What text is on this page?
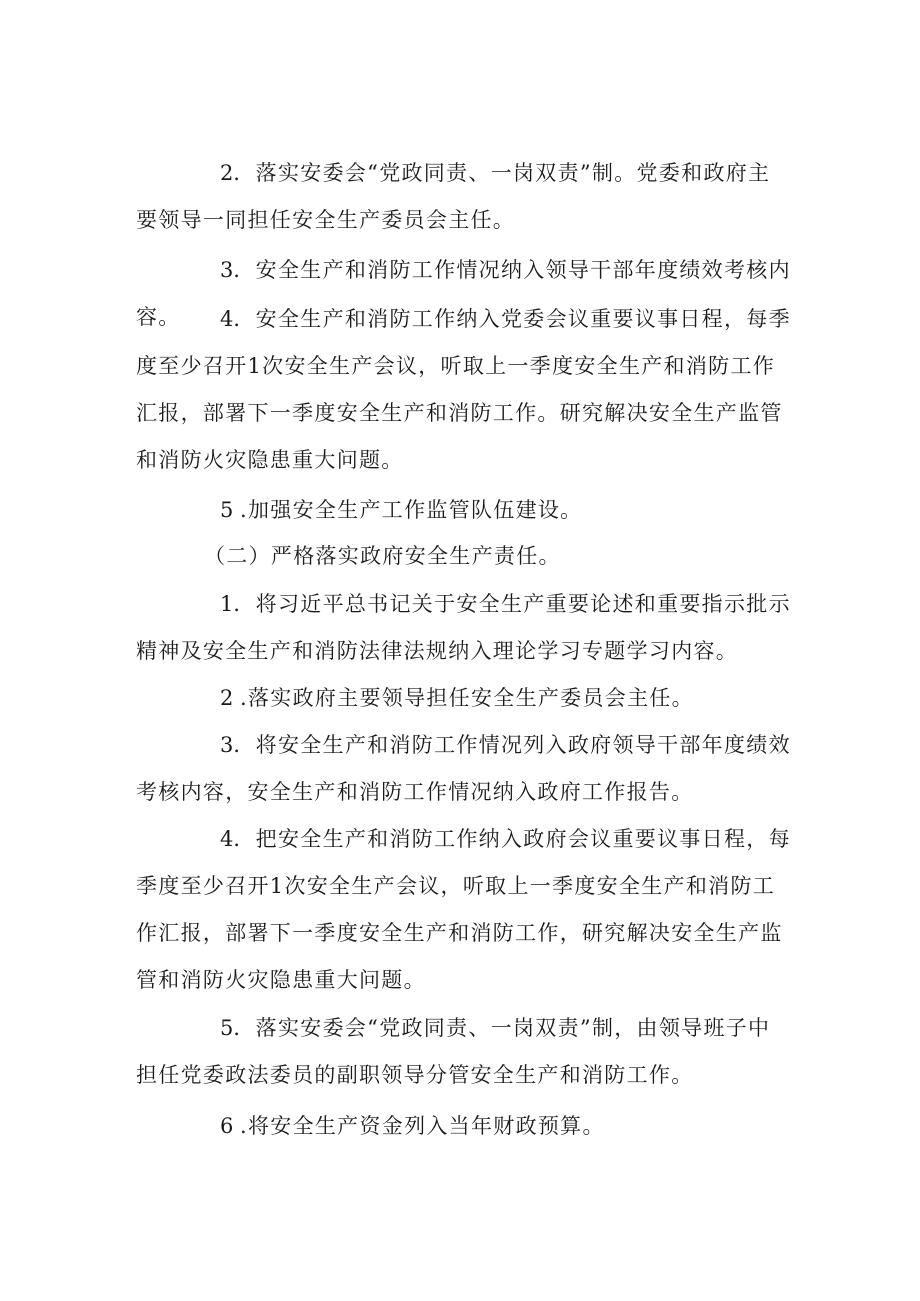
2．落实安委会“党政同责、一岗双责”制。党委和政府主要领导一同担任安全生产委员会主任。

3．安全生产和消防工作情况纳入领导干部年度绩效考核内容。	4．安全生产和消防工作纳入党委会议重要议事日程，每季度至少召开1次安全生产会议，听取上一季度安全生产和消防工作汇报，部署下一季度安全生产和消防工作。研究解决安全生产监管和消防火灾隐患重大问题。

5 .加强安全生产工作监管队伍建设。

（二）严格落实政府安全生产责任。

1．将习近平总书记关于安全生产重要论述和重要指示批示精神及安全生产和消防法律法规纳入理论学习专题学习内容。

2 .落实政府主要领导担任安全生产委员会主任。

3．将安全生产和消防工作情况列入政府领导干部年度绩效考核内容，安全生产和消防工作情况纳入政府工作报告。

4．把安全生产和消防工作纳入政府会议重要议事日程，每季度至少召开1次安全生产会议，听取上一季度安全生产和消防工作汇报，部署下一季度安全生产和消防工作，研究解决安全生产监管和消防火灾隐患重大问题。

5．落实安委会“党政同责、一岗双责”制，由领导班子中担任党委政法委员的副职领导分管安全生产和消防工作。

6 .将安全生产资金列入当年财政预算。
